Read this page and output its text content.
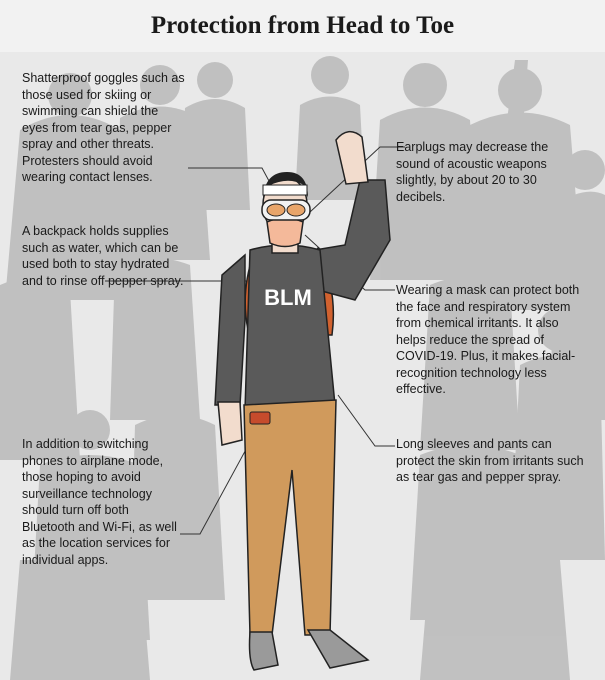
Protection from Head to Toe
BLM

Shatterproof goggles such as those used for skiing or swimming can shield the eyes from tear gas, pepper spray and other threats. Protesters should avoid wearing contact lenses.

Earplugs may decrease the sound of acoustic weapons slightly, by about 20 to 30 decibels.

A backpack holds supplies such as water, which can be used both to stay hydrated and to rinse off pepper spray.

Wearing a mask can protect both the face and respiratory system from chemical irritants. It also helps reduce the spread of COVID-19. Plus, it makes facial-recognition technology less effective.

In addition to switching phones to airplane mode, those hoping to avoid surveillance technology should turn off both Bluetooth and Wi-Fi, as well as the location services for individual apps.

Long sleeves and pants can protect the skin from irritants such as tear gas and pepper spray.
